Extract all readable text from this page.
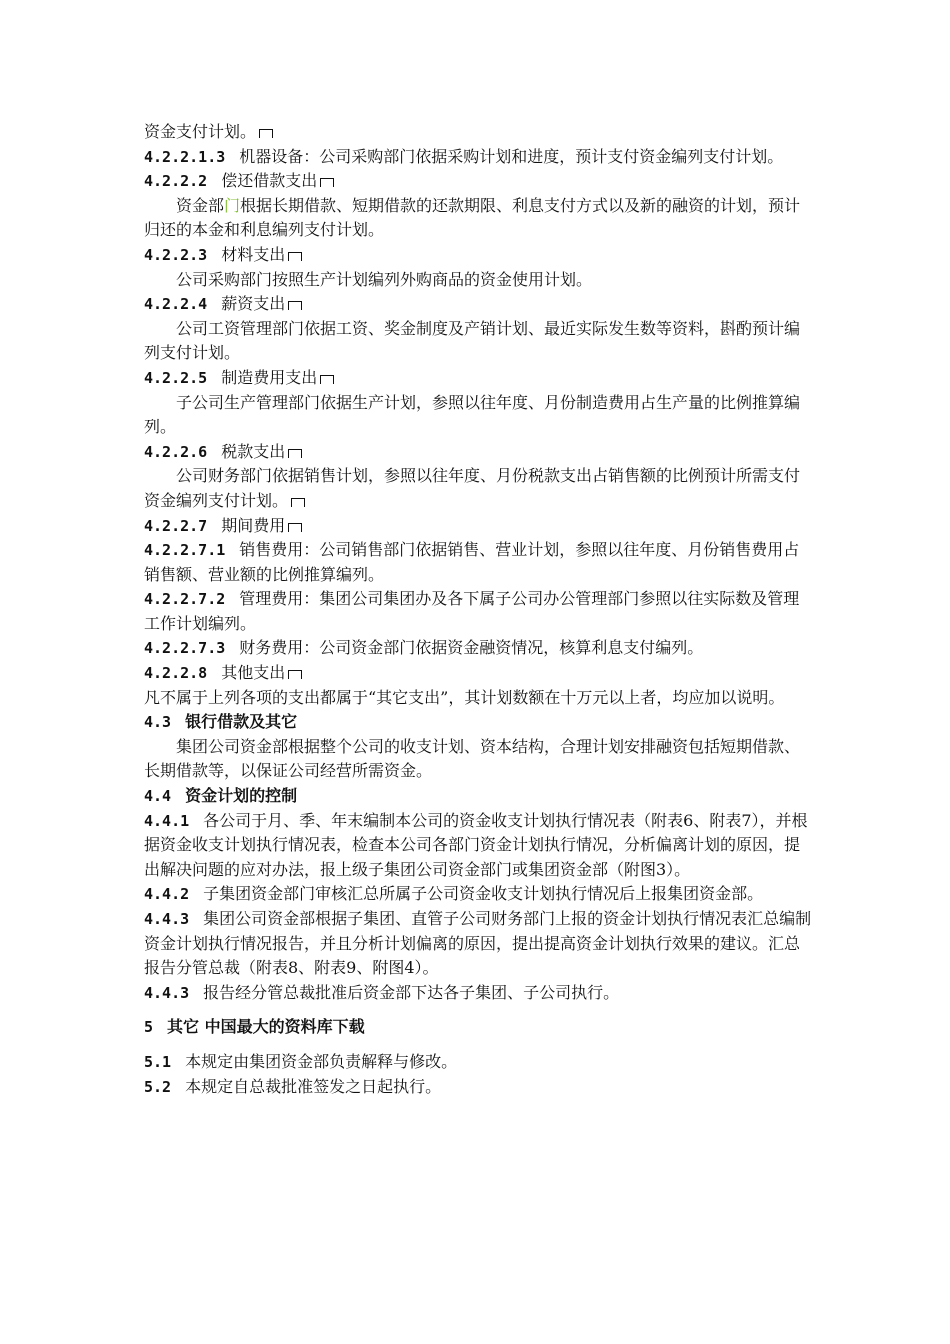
资金支付计划。

4.2.2.1.3 机器设备：公司采购部门依据采购计划和进度，预计支付资金编列支付计划。

4.2.2.2 偿还借款支出

资金部门根据长期借款、短期借款的还款期限、利息支付方式以及新的融资的计划，预计归还的本金和利息编列支付计划。

4.2.2.3 材料支出

公司采购部门按照生产计划编列外购商品的资金使用计划。

4.2.2.4 薪资支出

公司工资管理部门依据工资、奖金制度及产销计划、最近实际发生数等资料，斟酌预计编列支付计划。

4.2.2.5 制造费用支出

子公司生产管理部门依据生产计划，参照以往年度、月份制造费用占生产量的比例推算编列。

4.2.2.6 税款支出

公司财务部门依据销售计划，参照以往年度、月份税款支出占销售额的比例预计所需支付资金编列支付计划。

4.2.2.7 期间费用

4.2.2.7.1 销售费用：公司销售部门依据销售、营业计划，参照以往年度、月份销售费用占销售额、营业额的比例推算编列。

4.2.2.7.2 管理费用：集团公司集团办及各下属子公司办公管理部门参照以往实际数及管理工作计划编列。

4.2.2.7.3 财务费用：公司资金部门依据资金融资情况，核算利息支付编列。

4.2.2.8 其他支出

凡不属于上列各项的支出都属于“其它支出”，其计划数额在十万元以上者，均应加以说明。

4.3 银行借款及其它

集团公司资金部根据整个公司的收支计划、资本结构，合理计划安排融资包括短期借款、长期借款等，以保证公司经营所需资金。

4.4 资金计划的控制

4.4.1 各公司于月、季、年末编制本公司的资金收支计划执行情况表（附表6、附表7），并根据资金收支计划执行情况表，检查本公司各部门资金计划执行情况，分析偏离计划的原因，提出解决问题的应对办法，报上级子集团公司资金部门或集团资金部（附图3）。

4.4.2 子集团资金部门审核汇总所属子公司资金收支计划执行情况后上报集团资金部。

4.4.3 集团公司资金部根据子集团、直管子公司财务部门上报的资金计划执行情况表汇总编制资金计划执行情况报告，并且分析计划偏离的原因，提出提高资金计划执行效果的建议。汇总报告分管总裁（附表8、附表9、附图4）。

4.4.3 报告经分管总裁批准后资金部下达各子集团、子公司执行。

5 其它 中国最大的资料库下载

5.1 本规定由集团资金部负责解释与修改。

5.2 本规定自总裁批准签发之日起执行。
